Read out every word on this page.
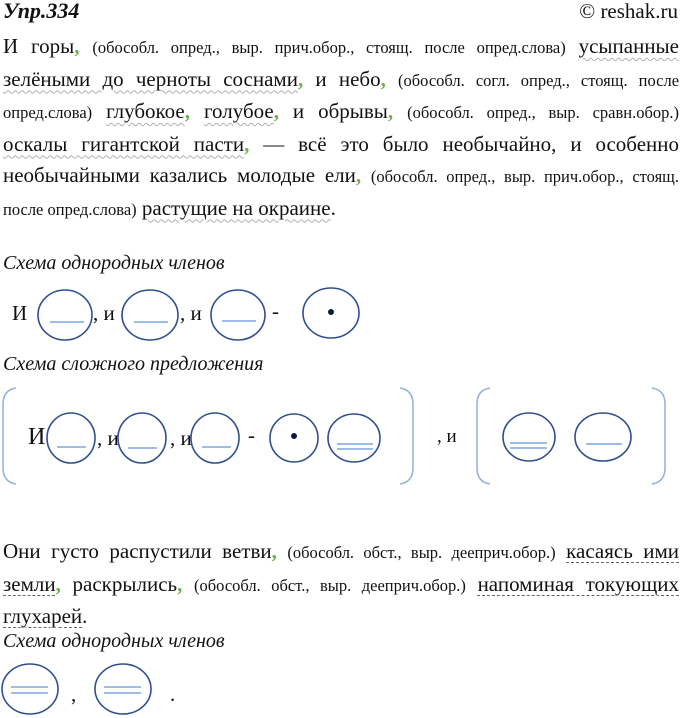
Упр.334	© reshak.ru
И горы, (обособл. опред., выр. прич.обор., стоящ. после опред.слова) усыпанные зелёными до черноты соснами, и небо, (обособл. согл. опред., стоящ. после опред.слова) глубокое, голубое, и обрывы, (обособл. опред., выр. сравн.обор.) оскалы гигантской пасти, — всё это было необычайно, и особенно необычайными казались молодые ели, (обособл. опред., выр. прич.обор., стоящ. после опред.слова) растущие на окраине.
Схема однородных членов
И	, и	, и	-
Схема сложного предложения
И , и , и	-	, и
Они густо распустили ветви, (обособл. обст., выр. дееприч.обор.) касаясь ими земли, раскрылись, (обособл. обст., выр. дееприч.обор.) напоминая токующих глухарей.
Схема однородных членов
,	.
